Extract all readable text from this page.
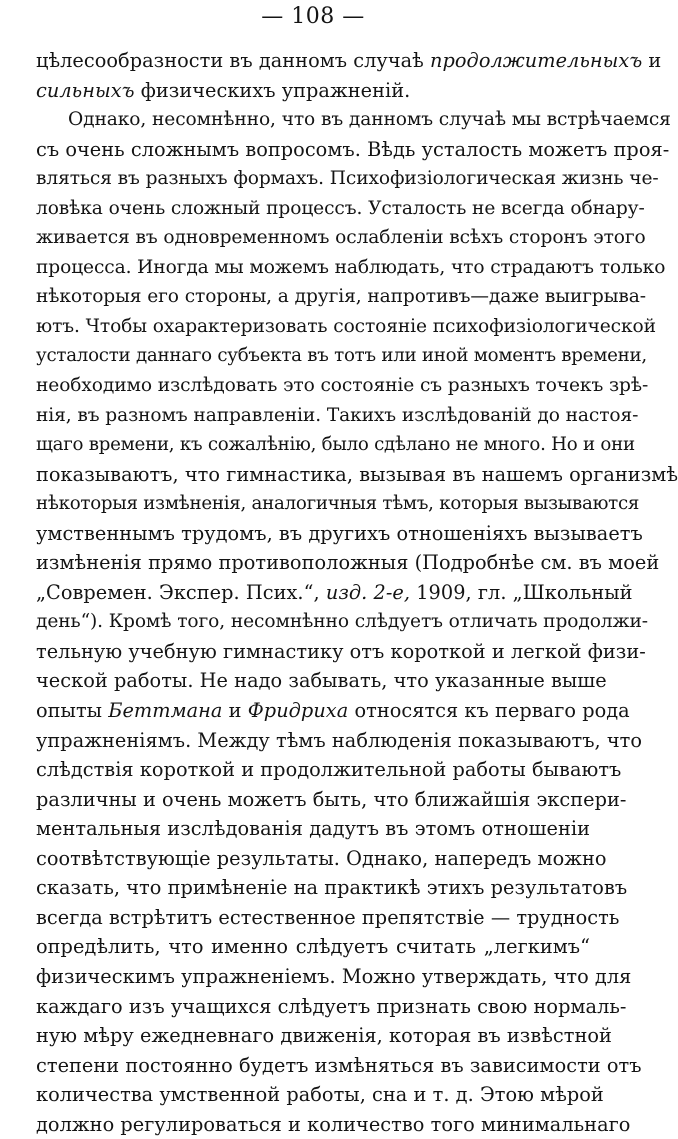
— 108 —
цѣлесообразности въ данномъ случаѣ продолжительныхъ и
сильныхъ физическихъ упражненій.
Однако, несомнѣнно, что въ данномъ случаѣ мы встрѣчаемся
съ очень сложнымъ вопросомъ. Вѣдь усталость можетъ проя-
вляться въ разныхъ формахъ. Психофизіологическая жизнь че-
ловѣка очень сложный процессъ. Усталость не всегда обнару-
живается въ одновременномъ ослабленіи всѣхъ сторонъ этого
процесса. Иногда мы можемъ наблюдать, что страдаютъ только
нѣкоторыя его стороны, а другія, напротивъ—даже выигрыва-
ютъ. Чтобы охарактеризовать состояніе психофизіологической
усталости даннаго субъекта въ тотъ или иной моментъ времени,
необходимо изслѣдовать это состояніе съ разныхъ точекъ зрѣ-
нія, въ разномъ направленіи. Такихъ изслѣдованій до настоя-
щаго времени, къ сожалѣнію, было сдѣлано не много. Но и они
показываютъ, что гимнастика, вызывая въ нашемъ организмѣ
нѣкоторыя измѣненія, аналогичныя тѣмъ, которыя вызываются
умственнымъ трудомъ, въ другихъ отношеніяхъ вызываетъ
измѣненія прямо противоположныя (Подробнѣе см. въ моей
„Современ. Экспер. Псих.“, изд. 2-е, 1909, гл. „Школьный
день“). Кромѣ того, несомнѣнно слѣдуетъ отличать продолжи-
тельную учебную гимнастику отъ короткой и легкой физи-
ческой работы. Не надо забывать, что указанные выше
опыты Беттмана и Фридриха относятся къ перваго рода
упражненіямъ. Между тѣмъ наблюденія показываютъ, что
слѣдствія короткой и продолжительной работы бываютъ
различны и очень можетъ быть, что ближайшія экспери-
ментальныя изслѣдованія дадутъ въ этомъ отношеніи
соотвѣтствующіе результаты. Однако, напередъ можно
сказать, что примѣненіе на практикѣ этихъ результатовъ
всегда встрѣтитъ естественное препятствіе — трудность
опредѣлить, что именно слѣдуетъ считать „легкимъ“
физическимъ упражненіемъ. Можно утверждать, что для
каждаго изъ учащихся слѣдуетъ признать свою нормаль-
ную мѣру ежедневнаго движенія, которая въ извѣстной
степени постоянно будетъ измѣняться въ зависимости отъ
количества умственной работы, сна и т. д. Этою мѣрой
должно регулироваться и количество того минимальнаго
